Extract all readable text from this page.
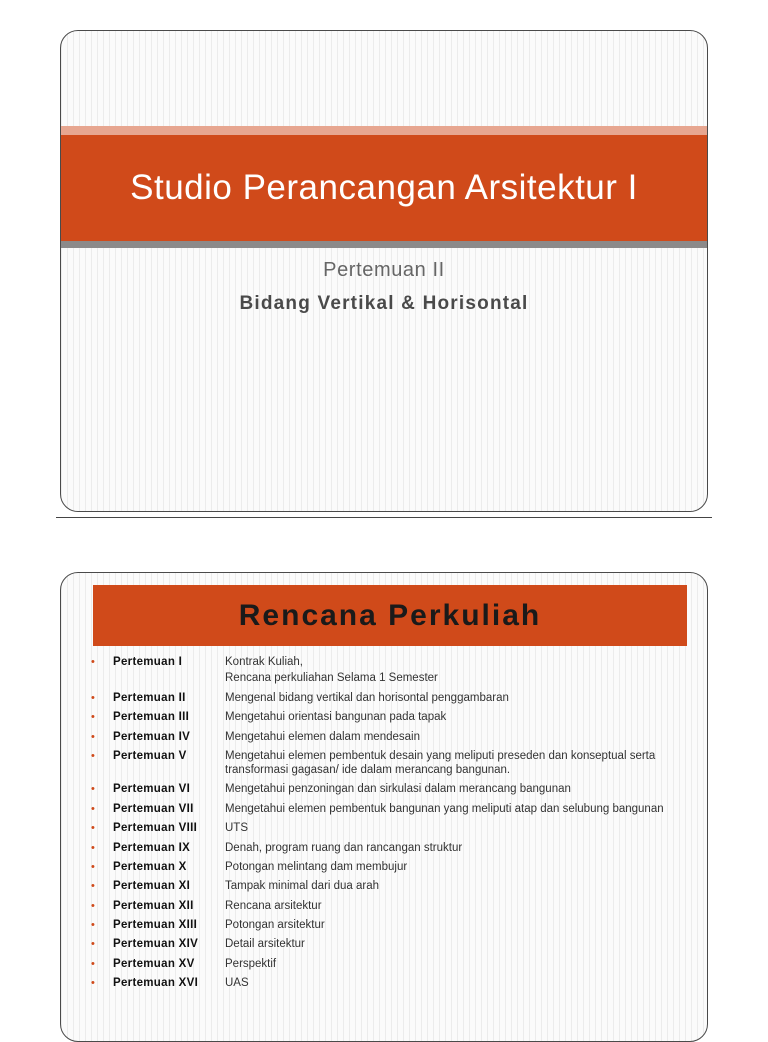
Studio Perancangan Arsitektur I
Pertemuan II
Bidang Vertikal & Horisontal
Rencana Perkuliah
•	Pertemuan I	Kontrak Kuliah,
Rencana perkuliahan Selama 1 Semester
•	Pertemuan II	Mengenal bidang vertikal dan horisontal penggambaran
•	Pertemuan III	Mengetahui orientasi bangunan pada tapak
•	Pertemuan IV	Mengetahui elemen dalam mendesain
•	Pertemuan V	Mengetahui elemen pembentuk desain yang meliputi preseden dan konseptual serta transformasi gagasan/ ide dalam merancang bangunan.
•	Pertemuan VI	Mengetahui penzoningan dan sirkulasi dalam merancang bangunan
•	Pertemuan VII	Mengetahui elemen pembentuk bangunan yang meliputi atap dan selubung bangunan
•	Pertemuan VIII	UTS
•	Pertemuan IX	Denah, program ruang dan rancangan struktur
•	Pertemuan X	Potongan melintang dam membujur
•	Pertemuan XI	Tampak minimal dari dua arah
•	Pertemuan XII	Rencana arsitektur
•	Pertemuan XIII	Potongan arsitektur
•	Pertemuan XIV	Detail arsitektur
•	Pertemuan XV	Perspektif
•	Pertemuan XVI	UAS
